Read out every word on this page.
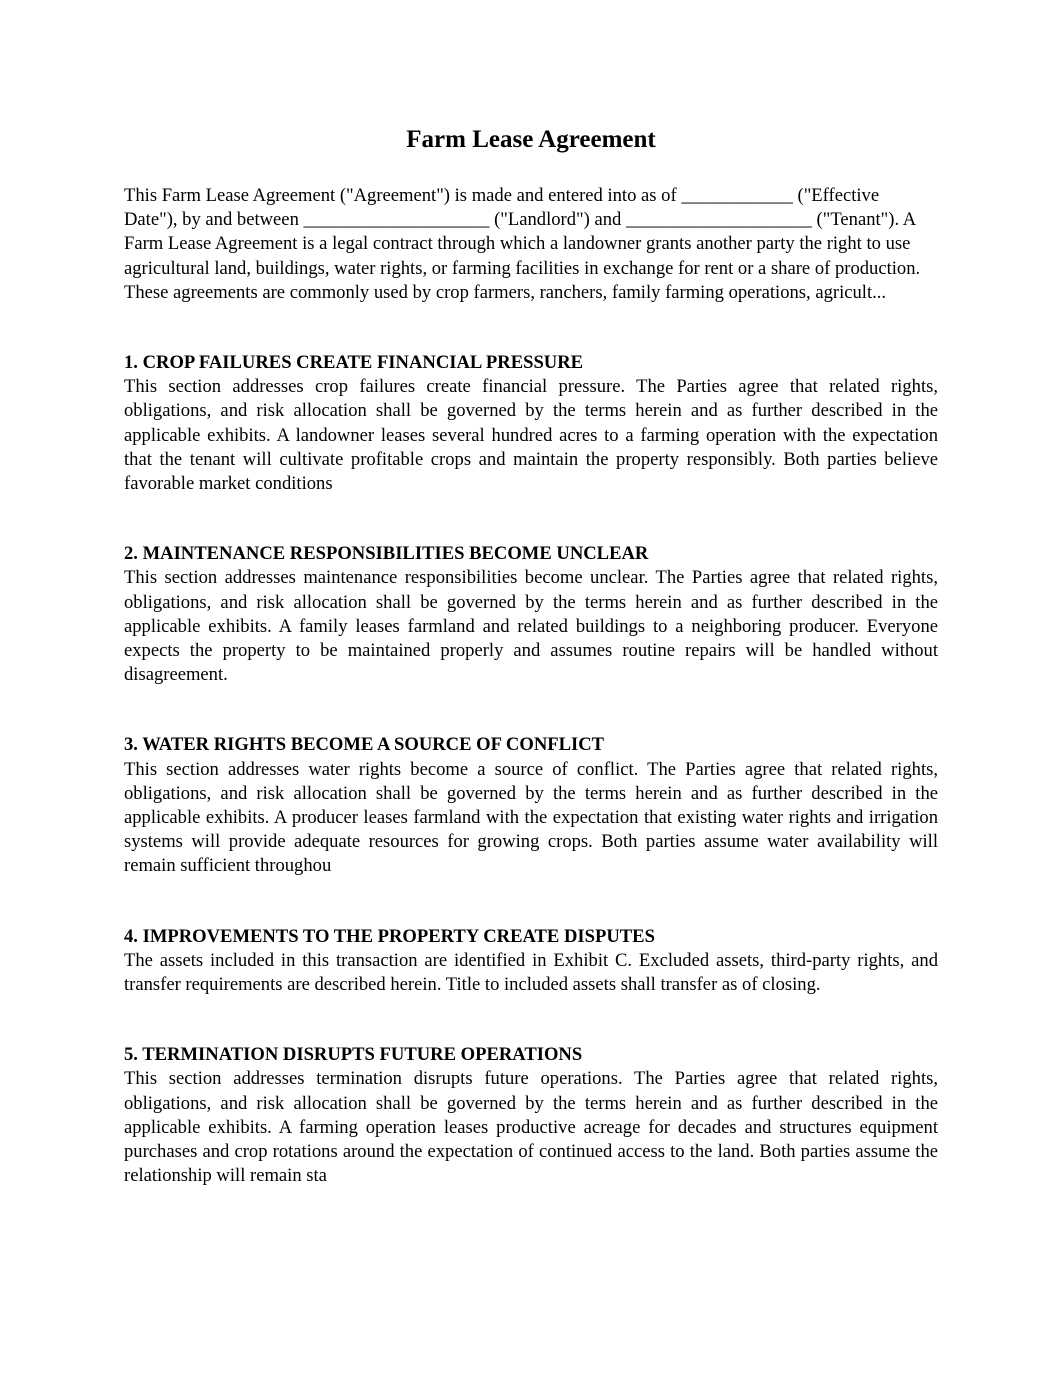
Farm Lease Agreement

This Farm Lease Agreement ("Agreement") is made and entered into as of ____________ ("Effective Date"), by and between ____________________ ("Landlord") and ____________________ ("Tenant"). A Farm Lease Agreement is a legal contract through which a landowner grants another party the right to use agricultural land, buildings, water rights, or farming facilities in exchange for rent or a share of production. These agreements are commonly used by crop farmers, ranchers, family farming operations, agricult...

1. CROP FAILURES CREATE FINANCIAL PRESSURE

This section addresses crop failures create financial pressure. The Parties agree that related rights, obligations, and risk allocation shall be governed by the terms herein and as further described in the applicable exhibits. A landowner leases several hundred acres to a farming operation with the expectation that the tenant will cultivate profitable crops and maintain the property responsibly. Both parties believe favorable market conditions

2. MAINTENANCE RESPONSIBILITIES BECOME UNCLEAR

This section addresses maintenance responsibilities become unclear. The Parties agree that related rights, obligations, and risk allocation shall be governed by the terms herein and as further described in the applicable exhibits. A family leases farmland and related buildings to a neighboring producer. Everyone expects the property to be maintained properly and assumes routine repairs will be handled without disagreement.

3. WATER RIGHTS BECOME A SOURCE OF CONFLICT

This section addresses water rights become a source of conflict. The Parties agree that related rights, obligations, and risk allocation shall be governed by the terms herein and as further described in the applicable exhibits. A producer leases farmland with the expectation that existing water rights and irrigation systems will provide adequate resources for growing crops. Both parties assume water availability will remain sufficient throughou

4. IMPROVEMENTS TO THE PROPERTY CREATE DISPUTES

The assets included in this transaction are identified in Exhibit C. Excluded assets, third-party rights, and transfer requirements are described herein. Title to included assets shall transfer as of closing.

5. TERMINATION DISRUPTS FUTURE OPERATIONS

This section addresses termination disrupts future operations. The Parties agree that related rights, obligations, and risk allocation shall be governed by the terms herein and as further described in the applicable exhibits. A farming operation leases productive acreage for decades and structures equipment purchases and crop rotations around the expectation of continued access to the land. Both parties assume the relationship will remain sta
